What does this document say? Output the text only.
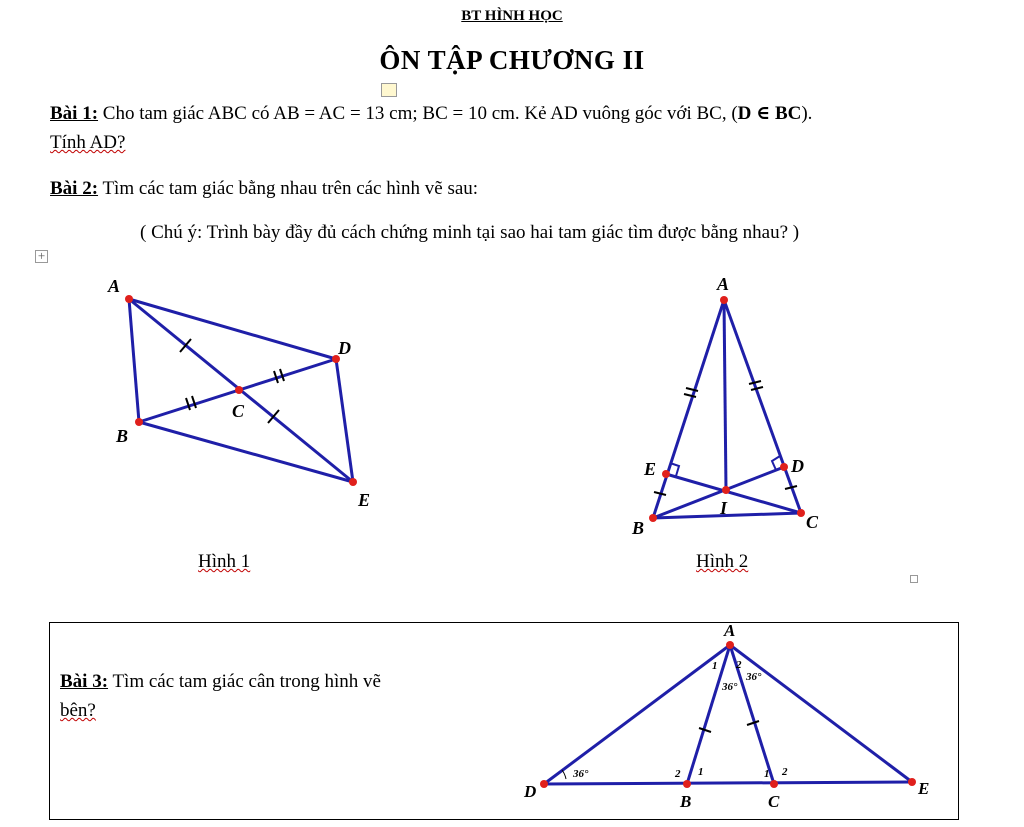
BT HÌNH HỌC
ÔN TẬP CHƯƠNG II
Bài 1: Cho tam giác ABC có AB = AC = 13 cm; BC = 10 cm. Kẻ AD vuông góc với BC, (D ∈ BC).
Tính AD?
Bài 2: Tìm các tam giác bằng nhau trên các hình vẽ sau:
( Chú ý: Trình bày đầy đủ cách chứng minh tại sao hai tam giác tìm được bằng nhau? )
+
A
D
C
B
E
Hình 1
A
E	D
I
B	C
Hình 2
Bài 3: Tìm các tam giác cân trong hình vẽ
bên?
A
D
B	C
E
1 2
36°
36°
36°	2 1	1 2
